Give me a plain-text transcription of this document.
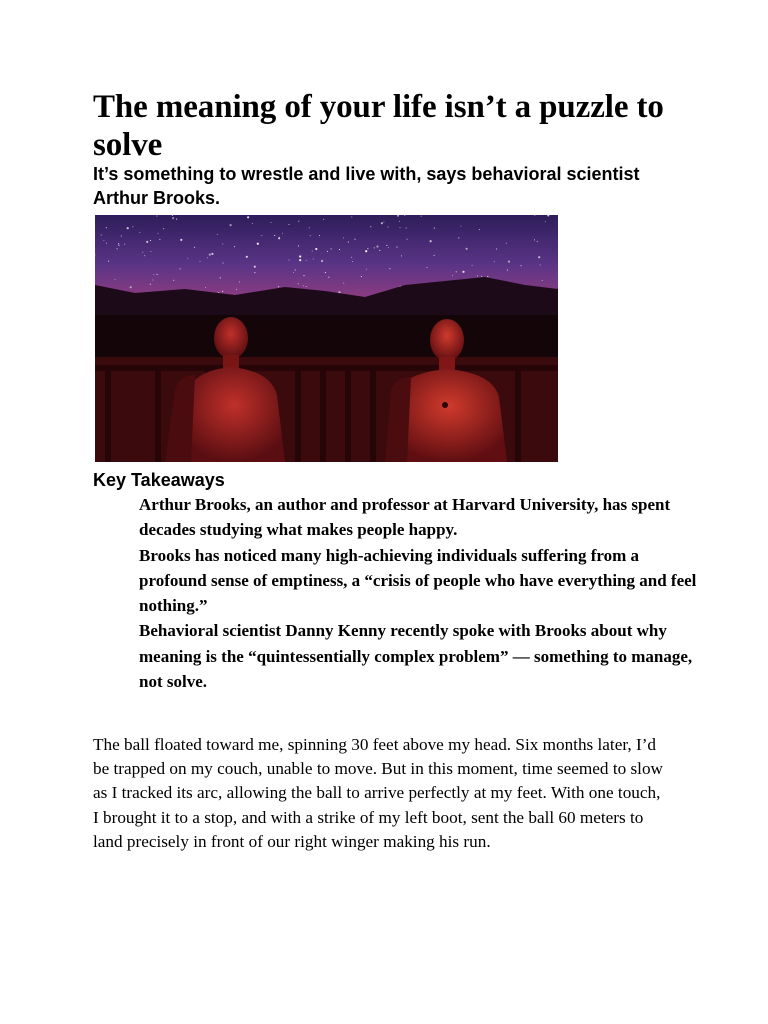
The meaning of your life isn’t a puzzle to solve

It’s something to wrestle and live with, says behavioral scientist Arthur Brooks.

Key Takeaways
Arthur Brooks, an author and professor at Harvard University, has spent decades studying what makes people happy.
Brooks has noticed many high-achieving individuals suffering from a profound sense of emptiness, a “crisis of people who have everything and feel nothing.”
Behavioral scientist Danny Kenny recently spoke with Brooks about why meaning is the “quintessentially complex problem” — something to manage, not solve.

The ball floated toward me, spinning 30 feet above my head. Six months later, I’d be trapped on my couch, unable to move. But in this moment, time seemed to slow as I tracked its arc, allowing the ball to arrive perfectly at my feet. With one touch, I brought it to a stop, and with a strike of my left boot, sent the ball 60 meters to land precisely in front of our right winger making his run.
